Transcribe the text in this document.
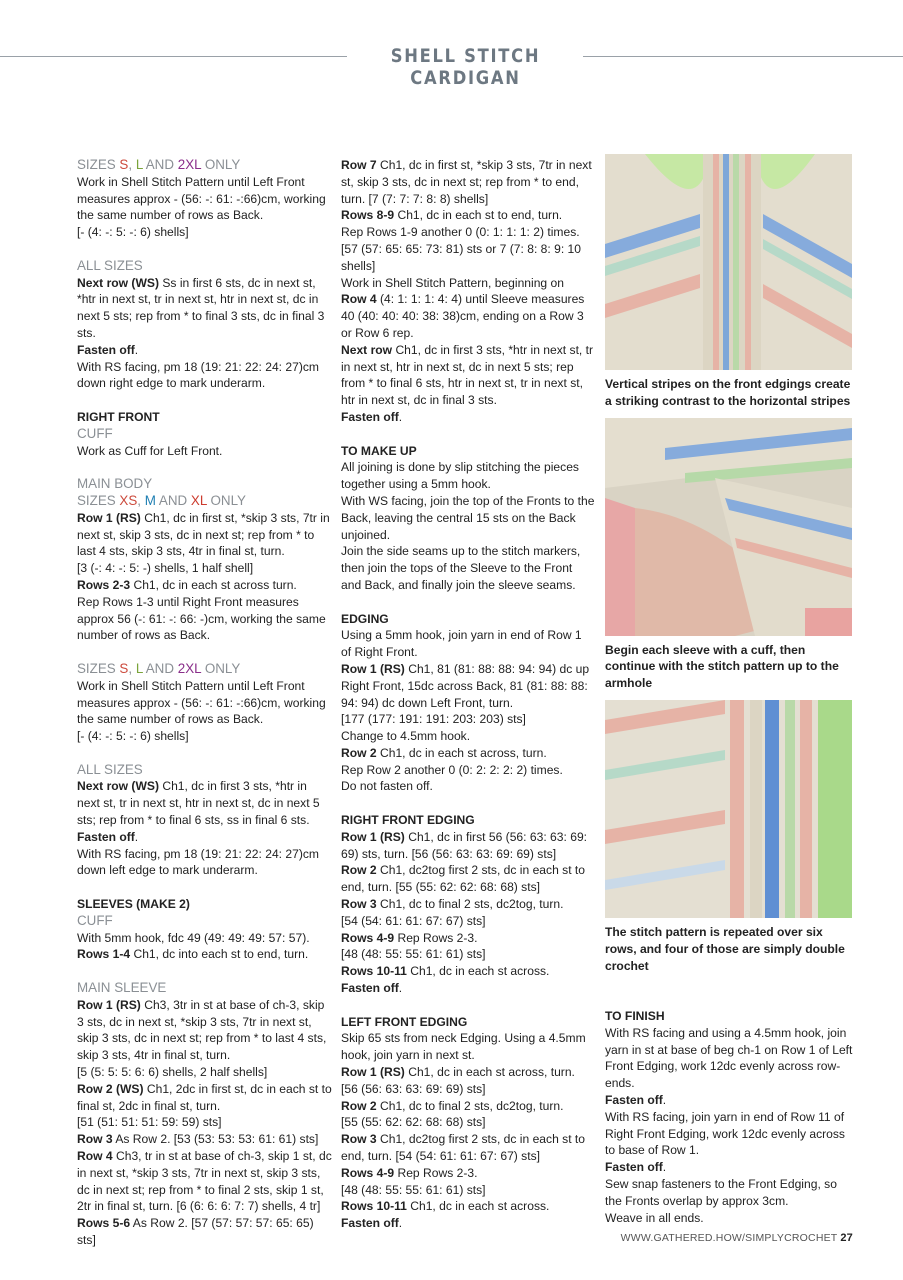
SHELL STITCH CARDIGAN

SIZES S, L AND 2XL ONLY

Work in Shell Stitch Pattern until Left Front measures approx - (56: -: 61: -:66)cm, working the same number of rows as Back.

[- (4: -: 5: -: 6) shells]

ALL SIZES

Next row (WS) Ss in first 6 sts, dc in next st, *htr in next st, tr in next st, htr in next st, dc in next 5 sts; rep from * to final 3 sts, dc in final 3 sts.

Fasten off.

With RS facing, pm 18 (19: 21: 22: 24: 27)cm down right edge to mark underarm.

RIGHT FRONT

CUFF

Work as Cuff for Left Front.

MAIN BODY

SIZES XS, M AND XL ONLY

Row 1 (RS) Ch1, dc in first st, *skip 3 sts, 7tr in next st, skip 3 sts, dc in next st; rep from * to last 4 sts, skip 3 sts, 4tr in final st, turn.

[3 (-: 4: -: 5: -) shells, 1 half shell]

Rows 2-3 Ch1, dc in each st across turn.

Rep Rows 1-3 until Right Front measures approx 56 (-: 61: -: 66: -)cm, working the same number of rows as Back.

SIZES S, L AND 2XL ONLY

Work in Shell Stitch Pattern until Left Front measures approx - (56: -: 61: -:66)cm, working the same number of rows as Back.

[- (4: -: 5: -: 6) shells]

ALL SIZES

Next row (WS) Ch1, dc in first 3 sts, *htr in next st, tr in next st, htr in next st, dc in next 5 sts; rep from * to final 6 sts, ss in final 6 sts.

Fasten off.

With RS facing, pm 18 (19: 21: 22: 24: 27)cm down left edge to mark underarm.

SLEEVES (MAKE 2)

CUFF

With 5mm hook, fdc 49 (49: 49: 49: 57: 57).

Rows 1-4 Ch1, dc into each st to end, turn.

MAIN SLEEVE

Row 1 (RS) Ch3, 3tr in st at base of ch-3, skip 3 sts, dc in next st, *skip 3 sts, 7tr in next st, skip 3 sts, dc in next st; rep from * to last 4 sts, skip 3 sts, 4tr in final st, turn.

[5 (5: 5: 5: 6: 6) shells, 2 half shells]

Row 2 (WS) Ch1, 2dc in first st, dc in each st to final st, 2dc in final st, turn.

[51 (51: 51: 51: 59: 59) sts]

Row 3 As Row 2. [53 (53: 53: 53: 61: 61) sts]

Row 4 Ch3, tr in st at base of ch-3, skip 1 st, dc in next st, *skip 3 sts, 7tr in next st, skip 3 sts, dc in next st; rep from * to final 2 sts, skip 1 st, 2tr in final st, turn. [6 (6: 6: 6: 7: 7) shells, 4 tr]

Rows 5-6 As Row 2. [57 (57: 57: 57: 65: 65) sts]

Row 7 Ch1, dc in first st, *skip 3 sts, 7tr in next st, skip 3 sts, dc in next st; rep from * to end, turn. [7 (7: 7: 7: 8: 8) shells]

Rows 8-9 Ch1, dc in each st to end, turn.

Rep Rows 1-9 another 0 (0: 1: 1: 1: 2) times.

[57 (57: 65: 65: 73: 81) sts or 7 (7: 8: 8: 9: 10 shells]

Work in Shell Stitch Pattern, beginning on

Row 4 (4: 1: 1: 1: 4: 4) until Sleeve measures 40 (40: 40: 40: 38: 38)cm, ending on a Row 3 or Row 6 rep.

Next row Ch1, dc in first 3 sts, *htr in next st, tr in next st, htr in next st, dc in next 5 sts; rep from * to final 6 sts, htr in next st, tr in next st, htr in next st, dc in final 3 sts.

Fasten off.

TO MAKE UP

All joining is done by slip stitching the pieces together using a 5mm hook.

With WS facing, join the top of the Fronts to the Back, leaving the central 15 sts on the Back unjoined.

Join the side seams up to the stitch markers, then join the tops of the Sleeve to the Front and Back, and finally join the sleeve seams.

EDGING

Using a 5mm hook, join yarn in end of Row 1 of Right Front.

Row 1 (RS) Ch1, 81 (81: 88: 88: 94: 94) dc up Right Front, 15dc across Back, 81 (81: 88: 88: 94: 94) dc down Left Front, turn.

[177 (177: 191: 191: 203: 203) sts]

Change to 4.5mm hook.

Row 2 Ch1, dc in each st across, turn.

Rep Row 2 another 0 (0: 2: 2: 2: 2) times.

Do not fasten off.

RIGHT FRONT EDGING

Row 1 (RS) Ch1, dc in first 56 (56: 63: 63: 69: 69) sts, turn. [56 (56: 63: 63: 69: 69) sts]

Row 2 Ch1, dc2tog first 2 sts, dc in each st to end, turn. [55 (55: 62: 62: 68: 68) sts]

Row 3 Ch1, dc to final 2 sts, dc2tog, turn.

[54 (54: 61: 61: 67: 67) sts]

Rows 4-9 Rep Rows 2-3.

[48 (48: 55: 55: 61: 61) sts]

Rows 10-11 Ch1, dc in each st across.

Fasten off.

LEFT FRONT EDGING

Skip 65 sts from neck Edging. Using a 4.5mm hook, join yarn in next st.

Row 1 (RS) Ch1, dc in each st across, turn.

[56 (56: 63: 63: 69: 69) sts]

Row 2 Ch1, dc to final 2 sts, dc2tog, turn.

[55 (55: 62: 62: 68: 68) sts]

Row 3 Ch1, dc2tog first 2 sts, dc in each st to end, turn. [54 (54: 61: 61: 67: 67) sts]

Rows 4-9 Rep Rows 2-3.

[48 (48: 55: 55: 61: 61) sts]

Rows 10-11 Ch1, dc in each st across.

Fasten off.

Vertical stripes on the front edgings create a striking contrast to the horizontal stripes

Begin each sleeve with a cuff, then continue with the stitch pattern up to the armhole

The stitch pattern is repeated over six rows, and four of those are simply double crochet

TO FINISH

With RS facing and using a 4.5mm hook, join yarn in st at base of beg ch-1 on Row 1 of Left Front Edging, work 12dc evenly across row-ends.

Fasten off.

With RS facing, join yarn in end of Row 11 of Right Front Edging, work 12dc evenly across to base of Row 1.

Fasten off.

Sew snap fasteners to the Front Edging, so the Fronts overlap by approx 3cm.

Weave in all ends.

WWW.GATHERED.HOW/SIMPLYCROCHET 27
